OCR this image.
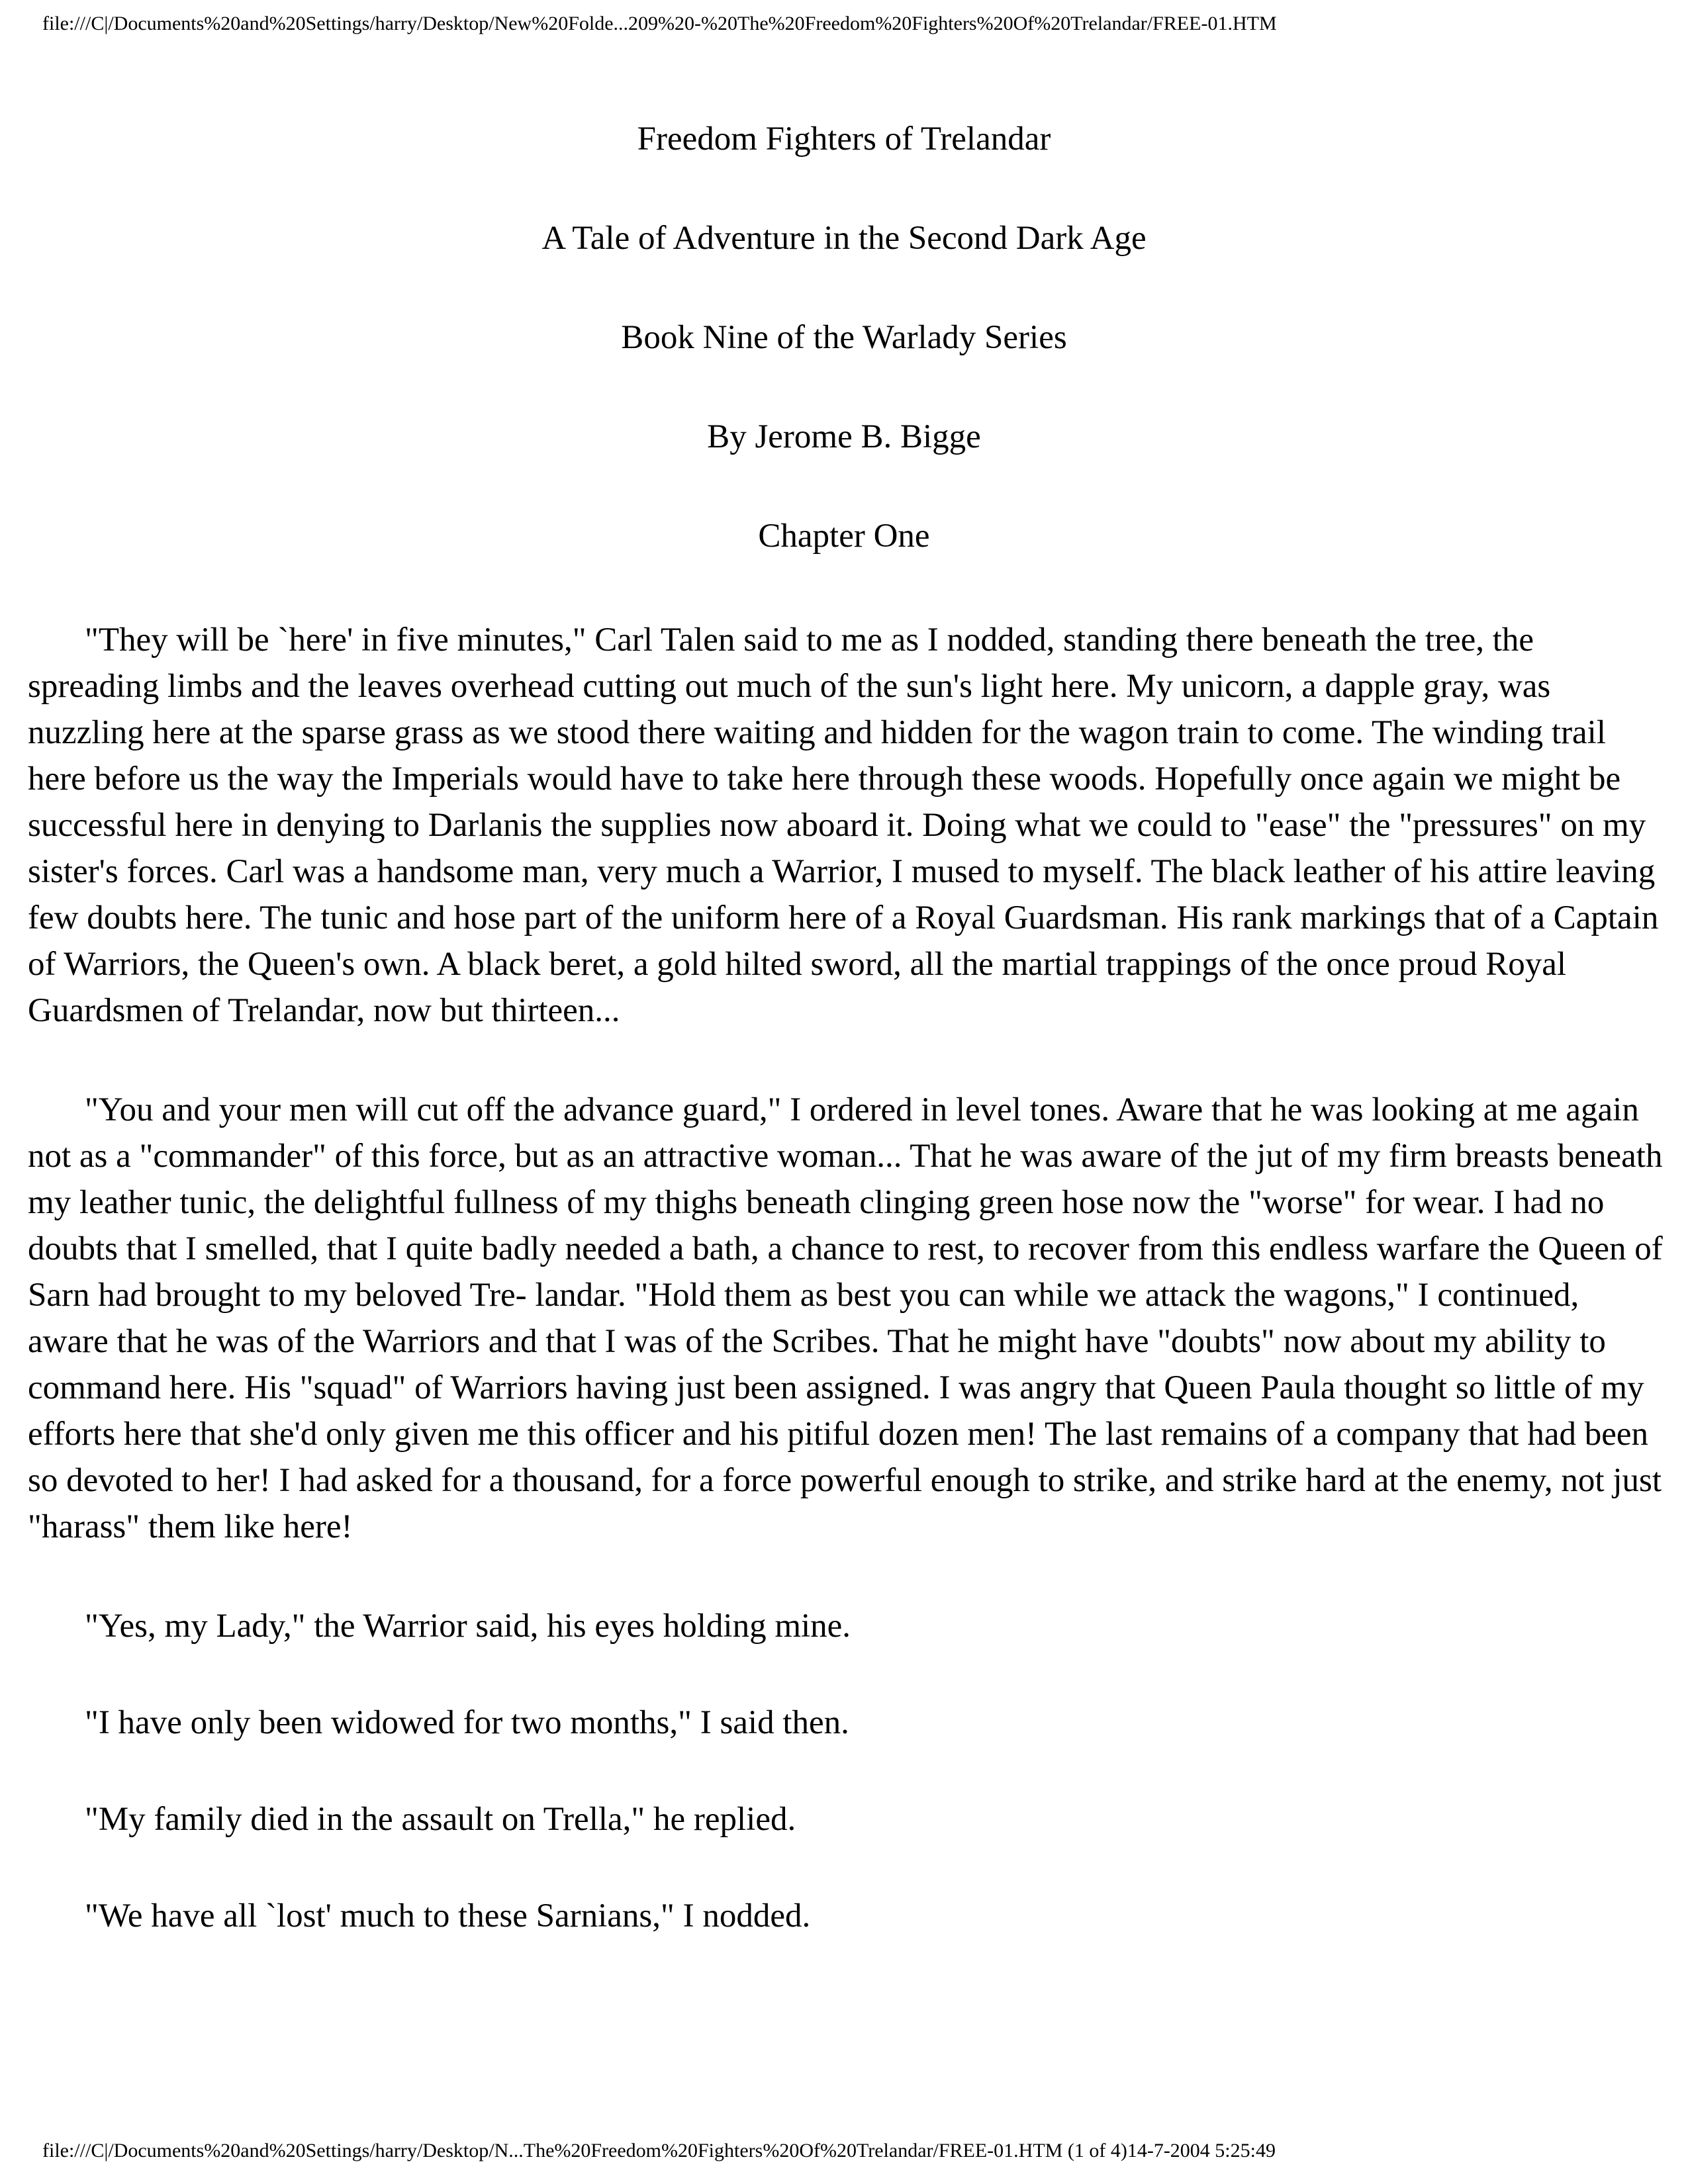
file:///C|/Documents%20and%20Settings/harry/Desktop/New%20Folde...209%20-%20The%20Freedom%20Fighters%20Of%20Trelandar/FREE-01.HTM
Freedom Fighters of Trelandar
A Tale of Adventure in the Second Dark Age
Book Nine of the Warlady Series
By Jerome B. Bigge
Chapter One

"They will be `here' in five minutes," Carl Talen said to me as I nodded, standing there beneath the tree, the spreading limbs and the leaves overhead cutting out much of the sun's light here. My unicorn, a dapple gray, was nuzzling here at the sparse grass as we stood there waiting and hidden for the wagon train to come. The winding trail here before us the way the Imperials would have to take here through these woods. Hopefully once again we might be successful here in denying to Darlanis the supplies now aboard it. Doing what we could to "ease" the "pressures" on my sister's forces. Carl was a handsome man, very much a Warrior, I mused to myself. The black leather of his attire leaving few doubts here. The tunic and hose part of the uniform here of a Royal Guardsman. His rank markings that of a Captain of Warriors, the Queen's own. A black beret, a gold hilted sword, all the martial trappings of the once proud Royal Guardsmen of Trelandar, now but thirteen...

"You and your men will cut off the advance guard," I ordered in level tones. Aware that he was looking at me again not as a "commander" of this force, but as an attractive woman... That he was aware of the jut of my firm breasts beneath my leather tunic, the delightful fullness of my thighs beneath clinging green hose now the "worse" for wear. I had no doubts that I smelled, that I quite badly needed a bath, a chance to rest, to recover from this endless warfare the Queen of Sarn had brought to my beloved Tre- landar. "Hold them as best you can while we attack the wagons," I continued, aware that he was of the Warriors and that I was of the Scribes. That he might have "doubts" now about my ability to command here. His "squad" of Warriors having just been assigned. I was angry that Queen Paula thought so little of my efforts here that she'd only given me this officer and his pitiful dozen men! The last remains of a company that had been so devoted to her! I had asked for a thousand, for a force powerful enough to strike, and strike hard at the enemy, not just "harass" them like here!

"Yes, my Lady," the Warrior said, his eyes holding mine.

"I have only been widowed for two months," I said then.

"My family died in the assault on Trella," he replied.

"We have all `lost' much to these Sarnians," I nodded.

file:///C|/Documents%20and%20Settings/harry/Desktop/N...The%20Freedom%20Fighters%20Of%20Trelandar/FREE-01.HTM (1 of 4)14-7-2004 5:25:49
